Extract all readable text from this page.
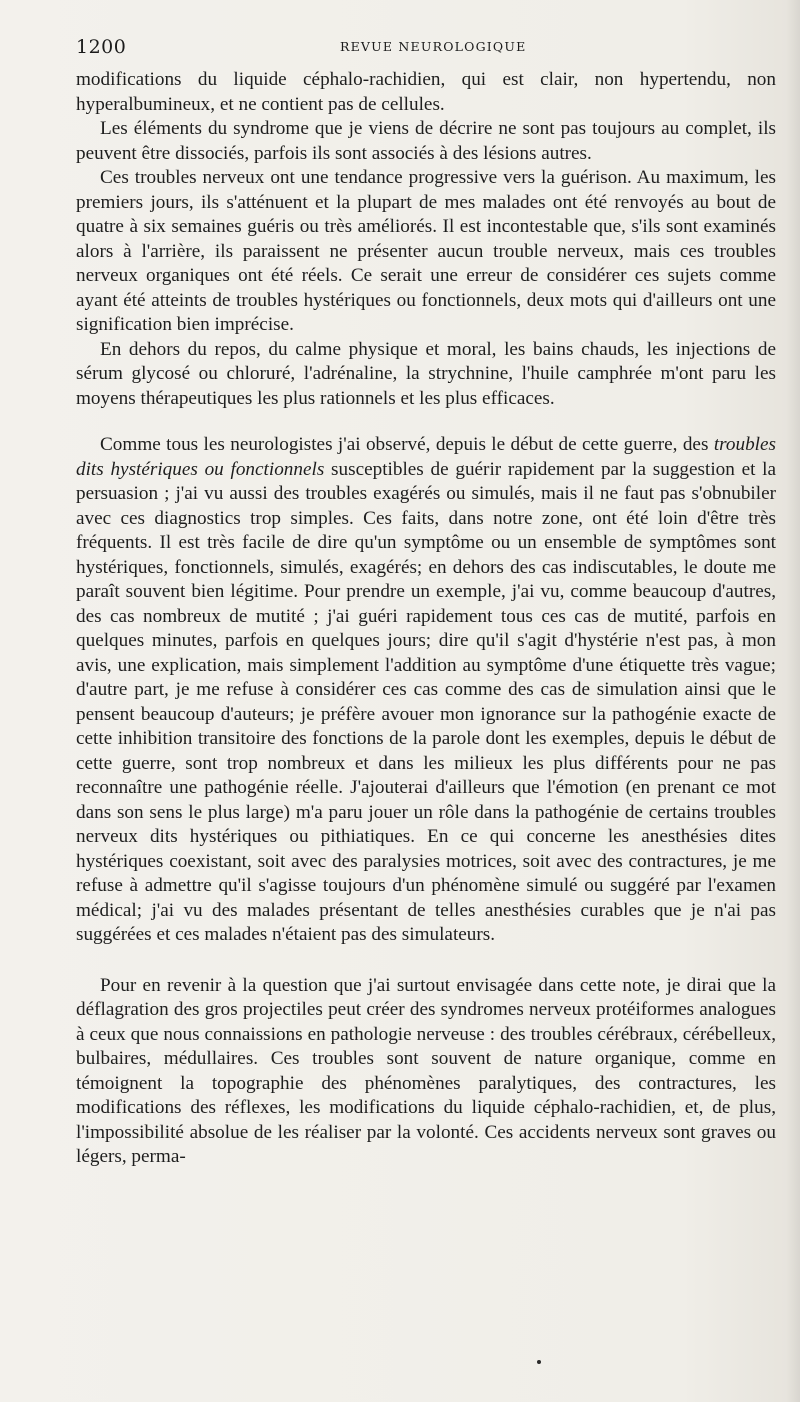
1200	REVUE NEUROLOGIQUE

modifications du liquide céphalo-rachidien, qui est clair, non hypertendu, non hyperalbumineux, et ne contient pas de cellules.

Les éléments du syndrome que je viens de décrire ne sont pas toujours au complet, ils peuvent être dissociés, parfois ils sont associés à des lésions autres.

Ces troubles nerveux ont une tendance progressive vers la guérison. Au maximum, les premiers jours, ils s'atténuent et la plupart de mes malades ont été renvoyés au bout de quatre à six semaines guéris ou très améliorés. Il est incontestable que, s'ils sont examinés alors à l'arrière, ils paraissent ne présenter aucun trouble nerveux, mais ces troubles nerveux organiques ont été réels. Ce serait une erreur de considérer ces sujets comme ayant été atteints de troubles hystériques ou fonctionnels, deux mots qui d'ailleurs ont une signification bien imprécise.

En dehors du repos, du calme physique et moral, les bains chauds, les injections de sérum glycosé ou chloruré, l'adrénaline, la strychnine, l'huile camphrée m'ont paru les moyens thérapeutiques les plus rationnels et les plus efficaces.

Comme tous les neurologistes j'ai observé, depuis le début de cette guerre, des troubles dits hystériques ou fonctionnels susceptibles de guérir rapidement par la suggestion et la persuasion ; j'ai vu aussi des troubles exagérés ou simulés, mais il ne faut pas s'obnubiler avec ces diagnostics trop simples. Ces faits, dans notre zone, ont été loin d'être très fréquents. Il est très facile de dire qu'un symptôme ou un ensemble de symptômes sont hystériques, fonctionnels, simulés, exagérés; en dehors des cas indiscutables, le doute me paraît souvent bien légitime. Pour prendre un exemple, j'ai vu, comme beaucoup d'autres, des cas nombreux de mutité ; j'ai guéri rapidement tous ces cas de mutité, parfois en quelques minutes, parfois en quelques jours; dire qu'il s'agit d'hystérie n'est pas, à mon avis, une explication, mais simplement l'addition au symptôme d'une étiquette très vague; d'autre part, je me refuse à considérer ces cas comme des cas de simulation ainsi que le pensent beaucoup d'auteurs; je préfère avouer mon ignorance sur la pathogénie exacte de cette inhibition transitoire des fonctions de la parole dont les exemples, depuis le début de cette guerre, sont trop nombreux et dans les milieux les plus différents pour ne pas reconnaître une pathogénie réelle. J'ajouterai d'ailleurs que l'émotion (en prenant ce mot dans son sens le plus large) m'a paru jouer un rôle dans la pathogénie de certains troubles nerveux dits hystériques ou pithiatiques. En ce qui concerne les anesthésies dites hystériques coexistant, soit avec des paralysies motrices, soit avec des contractures, je me refuse à admettre qu'il s'agisse toujours d'un phénomène simulé ou suggéré par l'examen médical; j'ai vu des malades présentant de telles anesthésies curables que je n'ai pas suggérées et ces malades n'étaient pas des simulateurs.

Pour en revenir à la question que j'ai surtout envisagée dans cette note, je dirai que la déflagration des gros projectiles peut créer des syndromes nerveux protéiformes analogues à ceux que nous connaissions en pathologie nerveuse : des troubles cérébraux, cérébelleux, bulbaires, médullaires. Ces troubles sont souvent de nature organique, comme en témoignent la topographie des phénomènes paralytiques, des contractures, les modifications des réflexes, les modifications du liquide céphalo-rachidien, et, de plus, l'impossibilité absolue de les réaliser par la volonté. Ces accidents nerveux sont graves ou légers, perma-
